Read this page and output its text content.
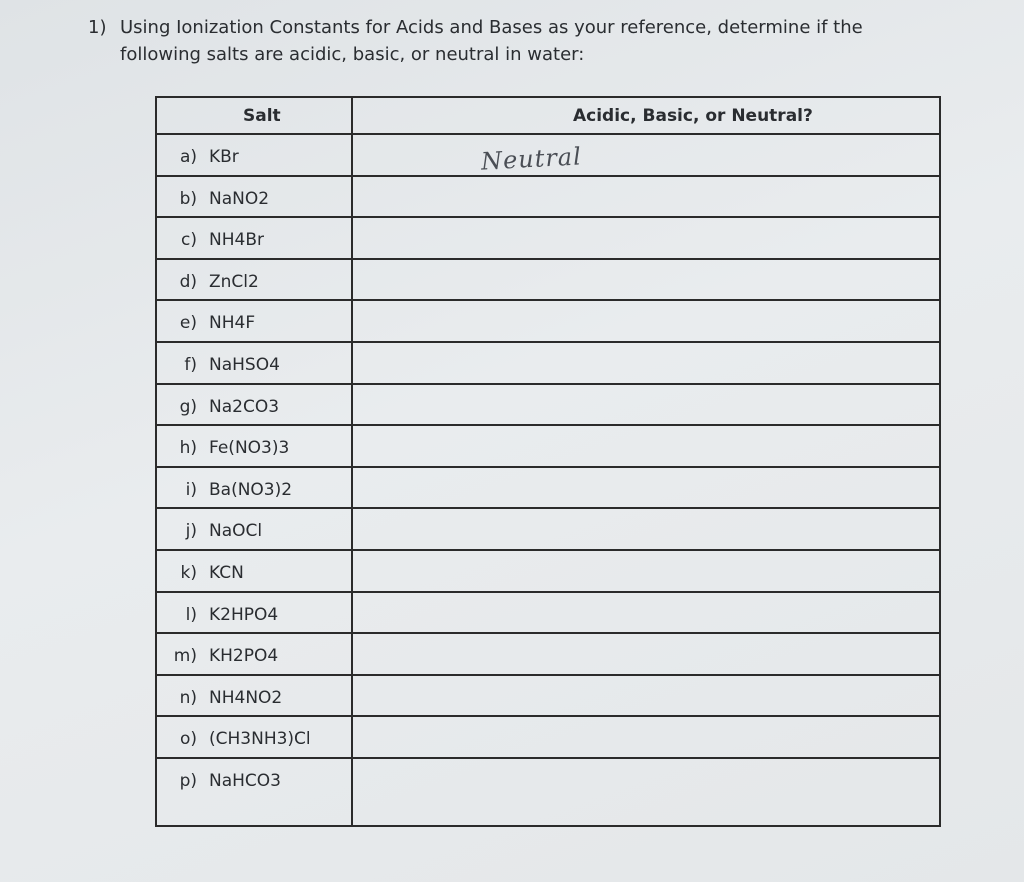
1) Using Ionization Constants for Acids and Bases as your reference, determine if the following salts are acidic, basic, or neutral in water:
Salt	Acidic, Basic, or Neutral?

a) KBr	Neutral

b) NaNO2	

c) NH4Br	

d) ZnCl2	

e) NH4F	

f) NaHSO4	

g) Na2CO3	

h) Fe(NO3)3	

i) Ba(NO3)2	

j) NaOCl	

k) KCN	

l) K2HPO4	

m) KH2PO4	

n) NH4NO2	

o) (CH3NH3)Cl	

p) NaHCO3	
